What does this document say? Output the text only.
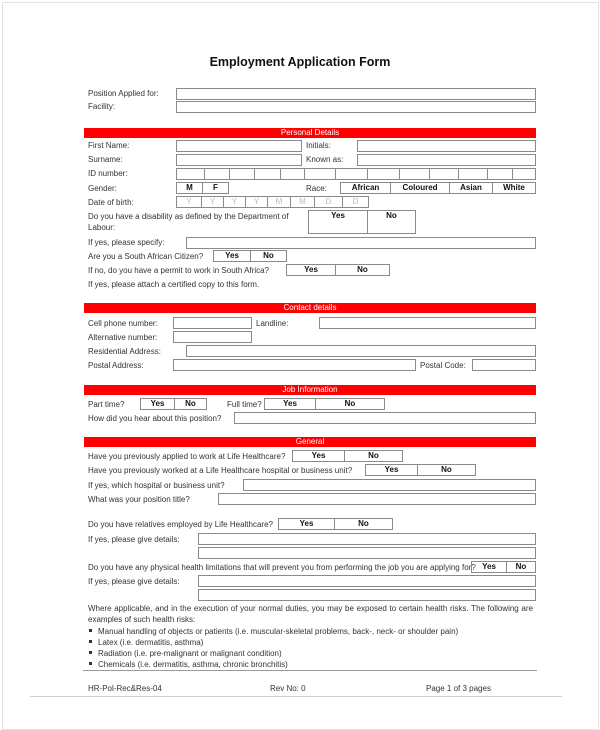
Employment Application Form
Position Applied for:
Facility:
Personal Details
First Name:	Initials:
Surname:	Known as:
ID number:
Gender:	M	F	Race:	African	Coloured	Asian	White
Date of birth:	Y	Y	Y	Y	M	M	D	D
Do you have a disability as defined by the Department of
Labour:
Yes	No
If yes, please specify:
Are you a South African Citizen?	Yes	No
If no, do you have a permit to work in South Africa?	Yes	No
If yes, please attach a certified copy to this form.
Contact details
Cell phone number:	Landline:
Alternative number:
Residential Address:
Postal Address:	Postal Code:
Job Information
Part time?	Yes	No	Full time?	Yes	No
How did you hear about this position?
General
Have you previously applied to work at Life Healthcare?	Yes	No
Have you previously worked at a Life Healthcare hospital or business unit?	Yes	No
If yes, which hospital or business unit?
What was your position title?
Do you have relatives employed by Life Healthcare?	Yes	No
If yes, please give details:
Do you have any physical health limitations that will prevent you from performing the job you are applying for? Yes	No
If yes, please give details:
Where applicable, and in the execution of your normal duties, you may be exposed to certain health risks. The following are examples of such health risks:
Manual handling of objects or patients (i.e. muscular-skeletal problems, back-, neck- or shoulder pain)
Latex (i.e. dermatitis, asthma)
Radiation (i.e. pre-malignant or malignant condition)
Chemicals (i.e. dermatitis, asthma, chronic bronchitis)
HR-Pol-Rec&Res-04	Rev No: 0	Page 1 of 3 pages
